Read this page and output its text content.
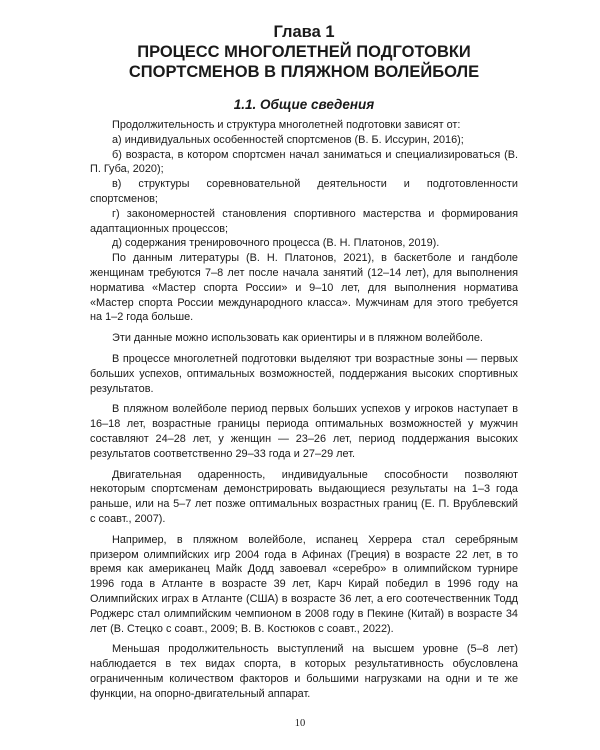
Глава 1
ПРОЦЕСС МНОГОЛЕТНЕЙ ПОДГОТОВКИ
СПОРТСМЕНОВ В ПЛЯЖНОМ ВОЛЕЙБОЛЕ
1.1. Общие сведения

Продолжительность и структура многолетней подготовки зависят от:

а) индивидуальных особенностей спортсменов (В. Б. Иссурин, 2016);

б) возраста, в котором спортсмен начал заниматься и специализироваться (В. П. Губа, 2020);

в) структуры соревновательной деятельности и подготовленности спортсменов;

г) закономерностей становления спортивного мастерства и формирования адаптационных процессов;

д) содержания тренировочного процесса (В. Н. Платонов, 2019).

По данным литературы (В. Н. Платонов, 2021), в баскетболе и гандболе женщинам требуются 7–8 лет после начала занятий (12–14 лет), для выполнения норматива «Мастер спорта России» и 9–10 лет, для выполнения норматива «Мастер спорта России международного класса». Мужчинам для этого требуется на 1–2 года больше.

Эти данные можно использовать как ориентиры и в пляжном волейболе.

В процессе многолетней подготовки выделяют три возрастные зоны — первых больших успехов, оптимальных возможностей, поддержания высоких спортивных результатов.

В пляжном волейболе период первых больших успехов у игроков наступает в 16–18 лет, возрастные границы периода оптимальных возможностей у мужчин составляют 24–28 лет, у женщин — 23–26 лет, период поддержания высоких результатов соответственно 29–33 года и 27–29 лет.

Двигательная одаренность, индивидуальные способности позволяют некоторым спортсменам демонстрировать выдающиеся результаты на 1–3 года раньше, или на 5–7 лет позже оптимальных возрастных границ (Е. П. Врублевский с соавт., 2007).

Например, в пляжном волейболе, испанец Херрера стал серебряным призером олимпийских игр 2004 года в Афинах (Греция) в возрасте 22 лет, в то время как американец Майк Додд завоевал «серебро» в олимпийском турнире 1996 года в Атланте в возрасте 39 лет, Карч Кирай победил в 1996 году на Олимпийских играх в Атланте (США) в возрасте 36 лет, а его соотечественник Тодд Роджерс стал олимпийским чемпионом в 2008 году в Пекине (Китай) в возрасте 34 лет (В. Стецко с соавт., 2009; В. В. Костюков с соавт., 2022).

Меньшая продолжительность выступлений на высшем уровне (5–8 лет) наблюдается в тех видах спорта, в которых результативность обусловлена ограниченным количеством факторов и большими нагрузками на одни и те же функции, на опорно-двигательный аппарат.

10
